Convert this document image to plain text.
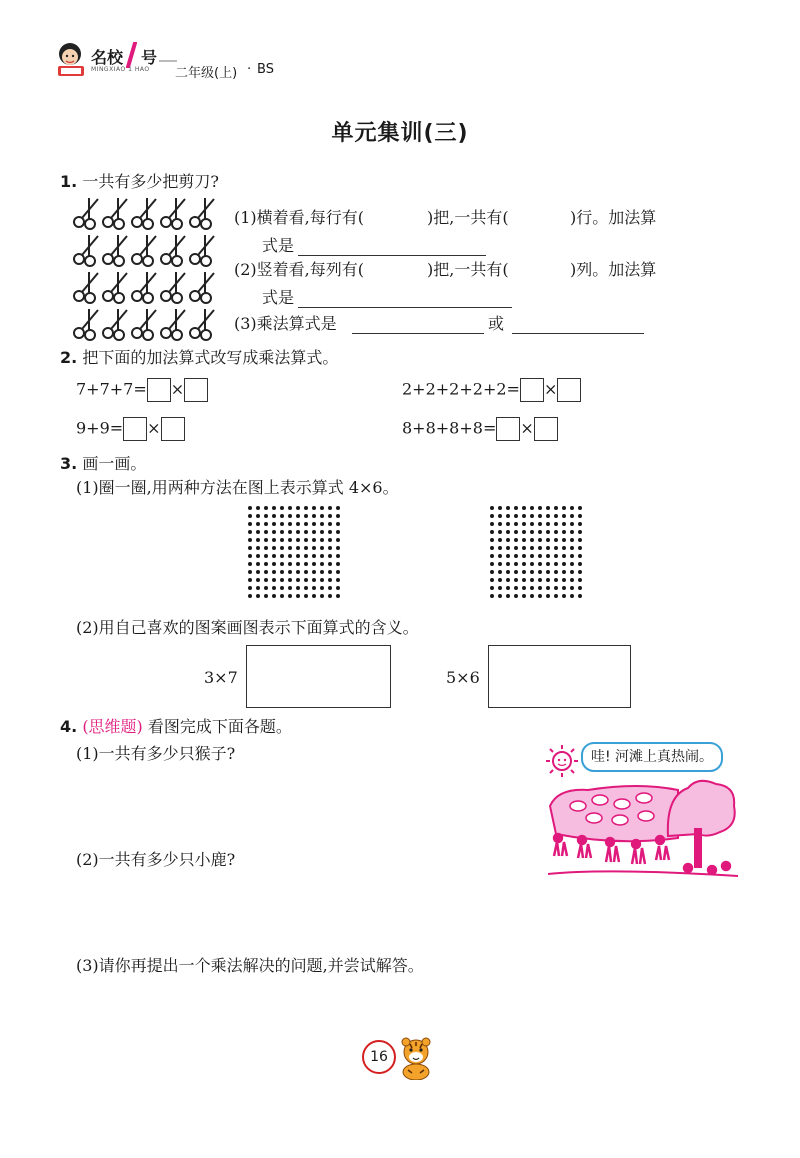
名校 号
MINGXIAO 1 HAO 二年级(上) · BS
单元集训(三)
1. 一共有多少把剪刀?
(1)横着看,每行有(	)把,一共有(	)行。加法算
式是
(2)竖着看,每列有(	)把,一共有(	)列。加法算
式是
(3)乘法算式是	或
2. 把下面的加法算式改写成乘法算式。
7+7+7= ×	2+2+2+2+2= ×
9+9= ×	8+8+8+8= ×
3. 画一画。
(1)圈一圈,用两种方法在图上表示算式 4×6。
(2)用自己喜欢的图案画图表示下面算式的含义。
3×7	5×6
4. (思维题) 看图完成下面各题。
(1)一共有多少只猴子?
(2)一共有多少只小鹿?
(3)请你再提出一个乘法解决的问题,并尝试解答。
哇! 河滩上真热闹。
16
